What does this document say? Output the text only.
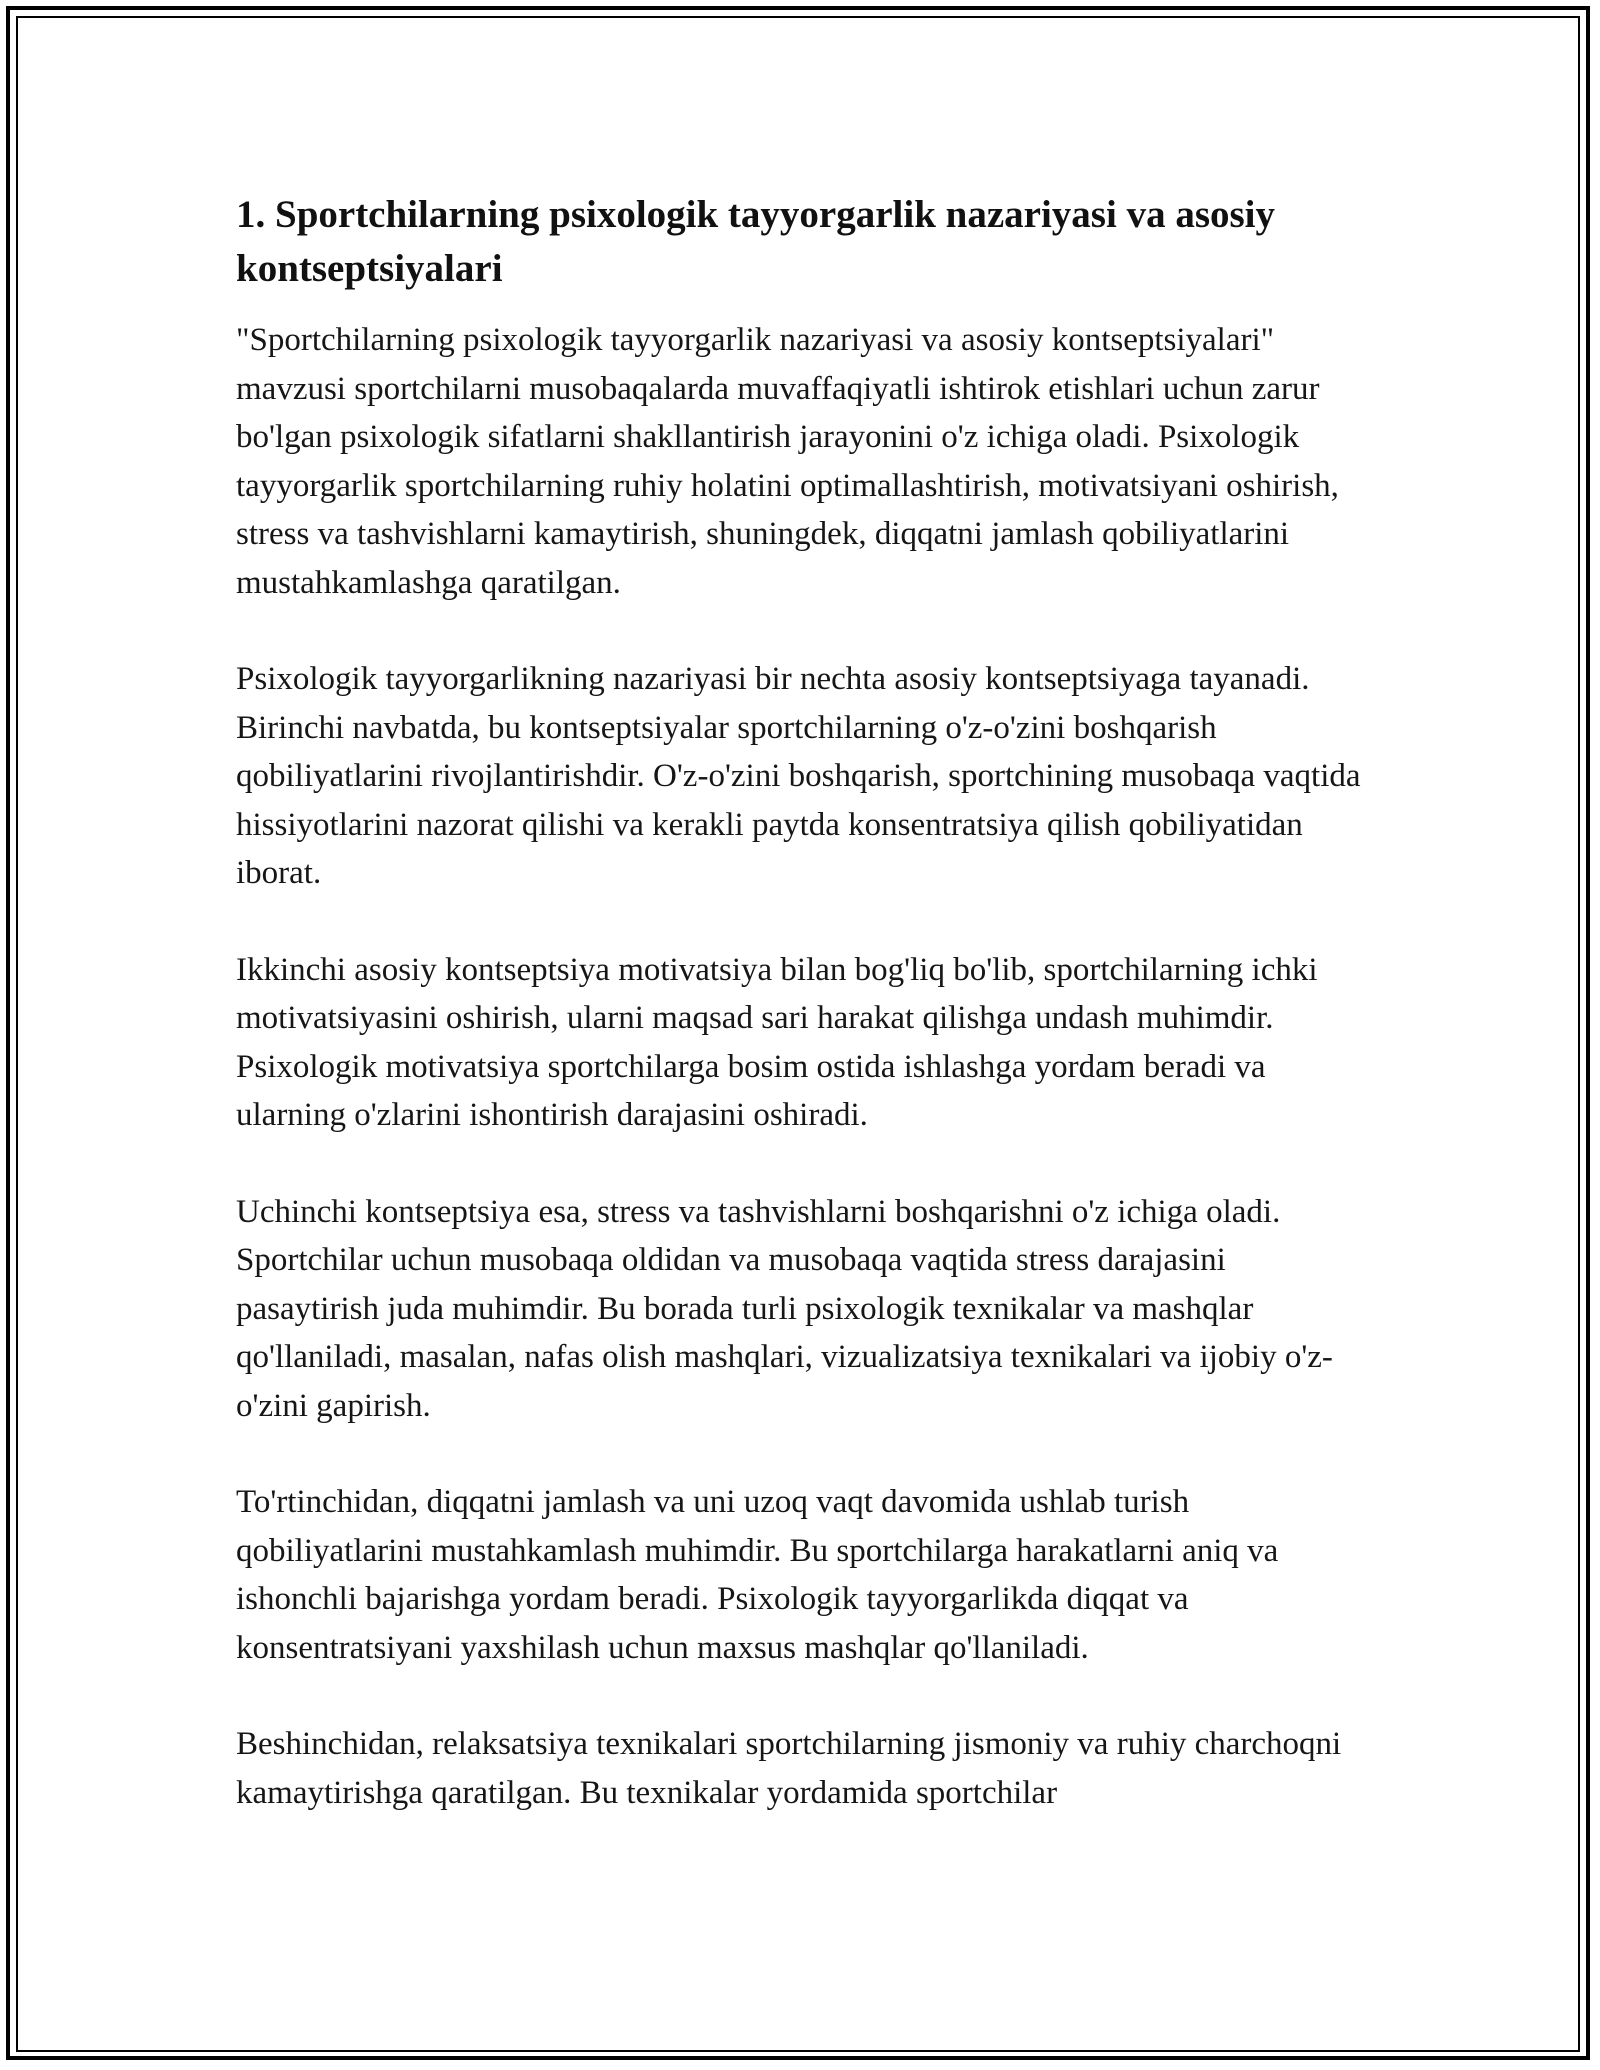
1. Sportchilarning psixologik tayyorgarlik nazariyasi va asosiy kontseptsiyalari

"Sportchilarning psixologik tayyorgarlik nazariyasi va asosiy kontseptsiyalari" mavzusi sportchilarni musobaqalarda muvaffaqiyatli ishtirok etishlari uchun zarur bo'lgan psixologik sifatlarni shakllantirish jarayonini o'z ichiga oladi. Psixologik tayyorgarlik sportchilarning ruhiy holatini optimallashtirish, motivatsiyani oshirish, stress va tashvishlarni kamaytirish, shuningdek, diqqatni jamlash qobiliyatlarini mustahkamlashga qaratilgan.

Psixologik tayyorgarlikning nazariyasi bir nechta asosiy kontseptsiyaga tayanadi. Birinchi navbatda, bu kontseptsiyalar sportchilarning o'z-o'zini boshqarish qobiliyatlarini rivojlantirishdir. O'z-o'zini boshqarish, sportchining musobaqa vaqtida hissiyotlarini nazorat qilishi va kerakli paytda konsentratsiya qilish qobiliyatidan iborat.

Ikkinchi asosiy kontseptsiya motivatsiya bilan bog'liq bo'lib, sportchilarning ichki motivatsiyasini oshirish, ularni maqsad sari harakat qilishga undash muhimdir. Psixologik motivatsiya sportchilarga bosim ostida ishlashga yordam beradi va ularning o'zlarini ishontirish darajasini oshiradi.

Uchinchi kontseptsiya esa, stress va tashvishlarni boshqarishni o'z ichiga oladi. Sportchilar uchun musobaqa oldidan va musobaqa vaqtida stress darajasini pasaytirish juda muhimdir. Bu borada turli psixologik texnikalar va mashqlar qo'llaniladi, masalan, nafas olish mashqlari, vizualizatsiya texnikalari va ijobiy o'z-o'zini gapirish.

To'rtinchidan, diqqatni jamlash va uni uzoq vaqt davomida ushlab turish qobiliyatlarini mustahkamlash muhimdir. Bu sportchilarga harakatlarni aniq va ishonchli bajarishga yordam beradi. Psixologik tayyorgarlikda diqqat va konsentratsiyani yaxshilash uchun maxsus mashqlar qo'llaniladi.

Beshinchidan, relaksatsiya texnikalari sportchilarning jismoniy va ruhiy charchoqni kamaytirishga qaratilgan. Bu texnikalar yordamida sportchilar
